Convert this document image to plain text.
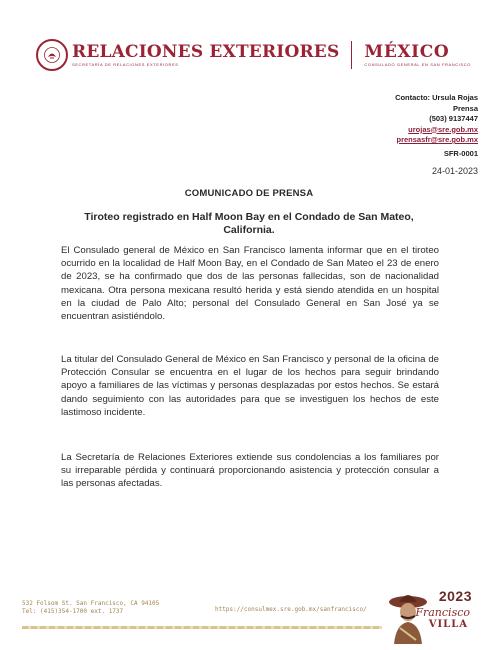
RELACIONES EXTERIORES
SECRETARÍA DE RELACIONES EXTERIORES
MÉXICO
CONSULADO GENERAL EN SAN FRANCISCO
Contacto: Ursula Rojas
Prensa
(503) 9137447
urojas@sre.gob.mx
prensasfr@sre.gob.mx
SFR-0001
24-01-2023
COMUNICADO DE PRENSA
Tiroteo registrado en Half Moon Bay en el Condado de San Mateo, California.

El Consulado general de México en San Francisco lamenta informar que en el tiroteo ocurrido en la localidad de Half Moon Bay, en el Condado de San Mateo el 23 de enero de 2023, se ha confirmado que dos de las personas fallecidas, son de nacionalidad mexicana. Otra persona mexicana resultó herida y está siendo atendida en un hospital en la ciudad de Palo Alto; personal del Consulado General en San José ya se encuentran asistiéndolo.

La titular del Consulado General de México en San Francisco y personal de la oficina de Protección Consular se encuentra en el lugar de los hechos para seguir brindando apoyo a familiares de las víctimas y personas desplazadas por estos hechos. Se estará dando seguimiento con las autoridades para que se investiguen los hechos de este lastimoso incidente.

La Secretaría de Relaciones Exteriores extiende sus condolencias a los familiares por su irreparable pérdida y continuará proporcionando asistencia y protección consular a las personas afectadas.

532 Folsom St. San Francisco, CA 94105
Tel: (415)354-1700 ext. 1737	https://consulmex.sre.gob.mx/sanfrancisco/
2023
Francisco
VILLA
